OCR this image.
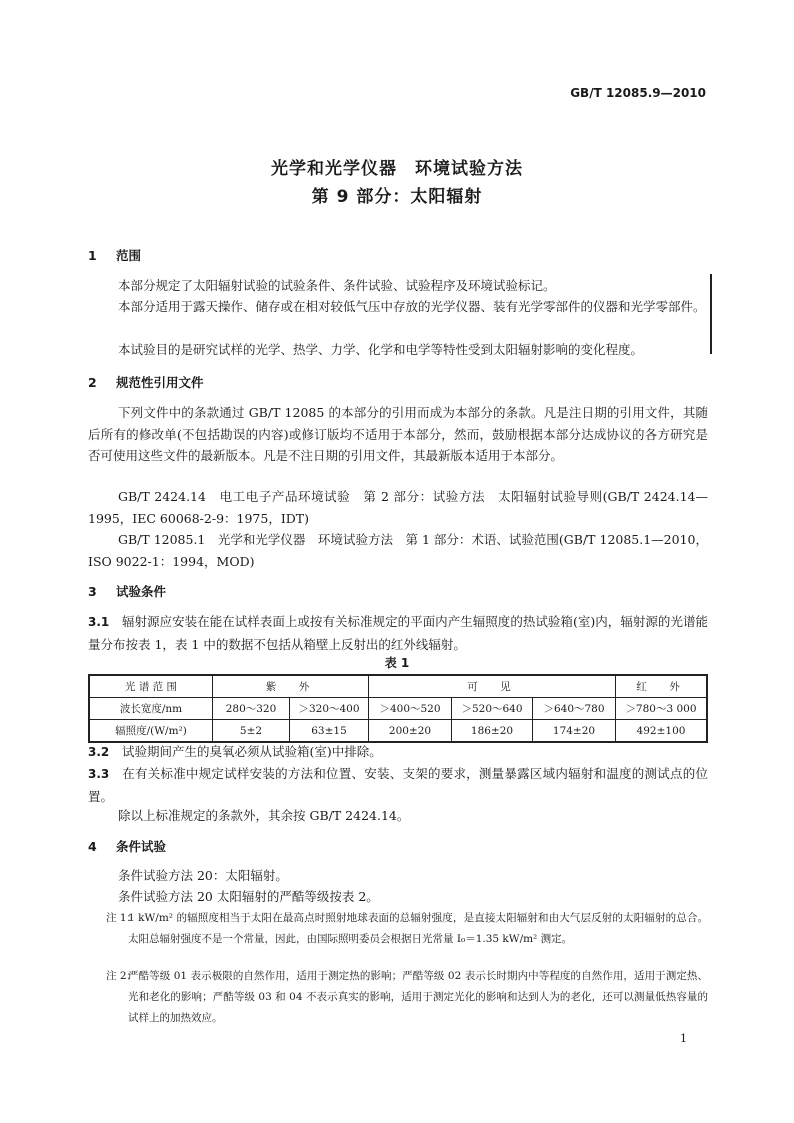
GB/T 12085.9—2010
光学和光学仪器　环境试验方法
第 9 部分：太阳辐射
1 范围
本部分规定了太阳辐射试验的试验条件、条件试验、试验程序及环境试验标记。
本部分适用于露天操作、储存或在相对较低气压中存放的光学仪器、装有光学零部件的仪器和光学零部件。
本试验目的是研究试样的光学、热学、力学、化学和电学等特性受到太阳辐射影响的变化程度。
2 规范性引用文件
下列文件中的条款通过 GB/T 12085 的本部分的引用而成为本部分的条款。凡是注日期的引用文件，其随后所有的修改单(不包括勘误的内容)或修订版均不适用于本部分，然而，鼓励根据本部分达成协议的各方研究是否可使用这些文件的最新版本。凡是不注日期的引用文件，其最新版本适用于本部分。
GB/T 2424.14　电工电子产品环境试验　第 2 部分：试验方法　太阳辐射试验导则(GB/T 2424.14—1995，IEC 60068-2-9：1975，IDT)
GB/T 12085.1　光学和光学仪器　环境试验方法　第 1 部分：术语、试验范围(GB/T 12085.1—2010，ISO 9022-1：1994，MOD)
3 试验条件
3.1 辐射源应安装在能在试样表面上或按有关标准规定的平面内产生辐照度的热试验箱(室)内，辐射源的光谱能量分布按表 1，表 1 中的数据不包括从箱壁上反射出的红外线辐射。
表 1
光 谱 范 围	紫　外		可　见			红　外
波长宽度/nm	280～320	＞320～400	＞400～520	＞520～640	＞640～780	＞780～3 000
辐照度/(W/m²)	5±2	63±15	200±20	186±20	174±20	492±100
3.2 试验期间产生的臭氧必须从试验箱(室)中排除。
3.3 在有关标准中规定试样安装的方法和位置、安装、支架的要求，测量暴露区域内辐射和温度的测试点的位置。
除以上标准规定的条款外，其余按 GB/T 2424.14。
4 条件试验
条件试验方法 20：太阳辐射。
条件试验方法 20 太阳辐射的严酷等级按表 2。
注 1：
1 kW/m² 的辐照度相当于太阳在最高点时照射地球表面的总辐射强度，是直接太阳辐射和由大气层反射的太阳辐射的总合。太阳总辐射强度不是一个常量，因此，由国际照明委员会根据日光常量 I₀＝1.35 kW/m² 测定。
注 2：
严酷等级 01 表示极限的自然作用，适用于测定热的影响；严酷等级 02 表示长时期内中等程度的自然作用，适用于测定热、光和老化的影响；严酷等级 03 和 04 不表示真实的影响，适用于测定光化的影响和达到人为的老化，还可以测量低热容量的试样上的加热效应。
1
